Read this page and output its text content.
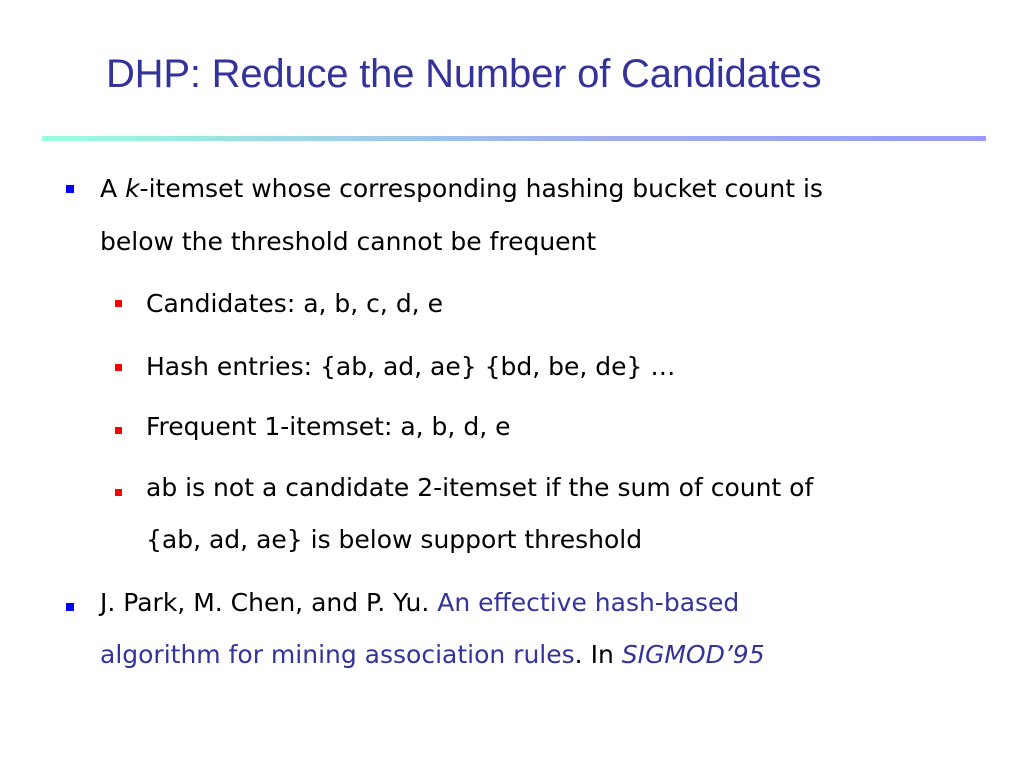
DHP: Reduce the Number of Candidates
A k-itemset whose corresponding hashing bucket count is
below the threshold cannot be frequent
Candidates: a, b, c, d, e
Hash entries: {ab, ad, ae} {bd, be, de} …
Frequent 1-itemset: a, b, d, e
ab is not a candidate 2-itemset if the sum of count of
{ab, ad, ae} is below support threshold
J. Park, M. Chen, and P. Yu. An effective hash-based
algorithm for mining association rules. In SIGMOD’95
